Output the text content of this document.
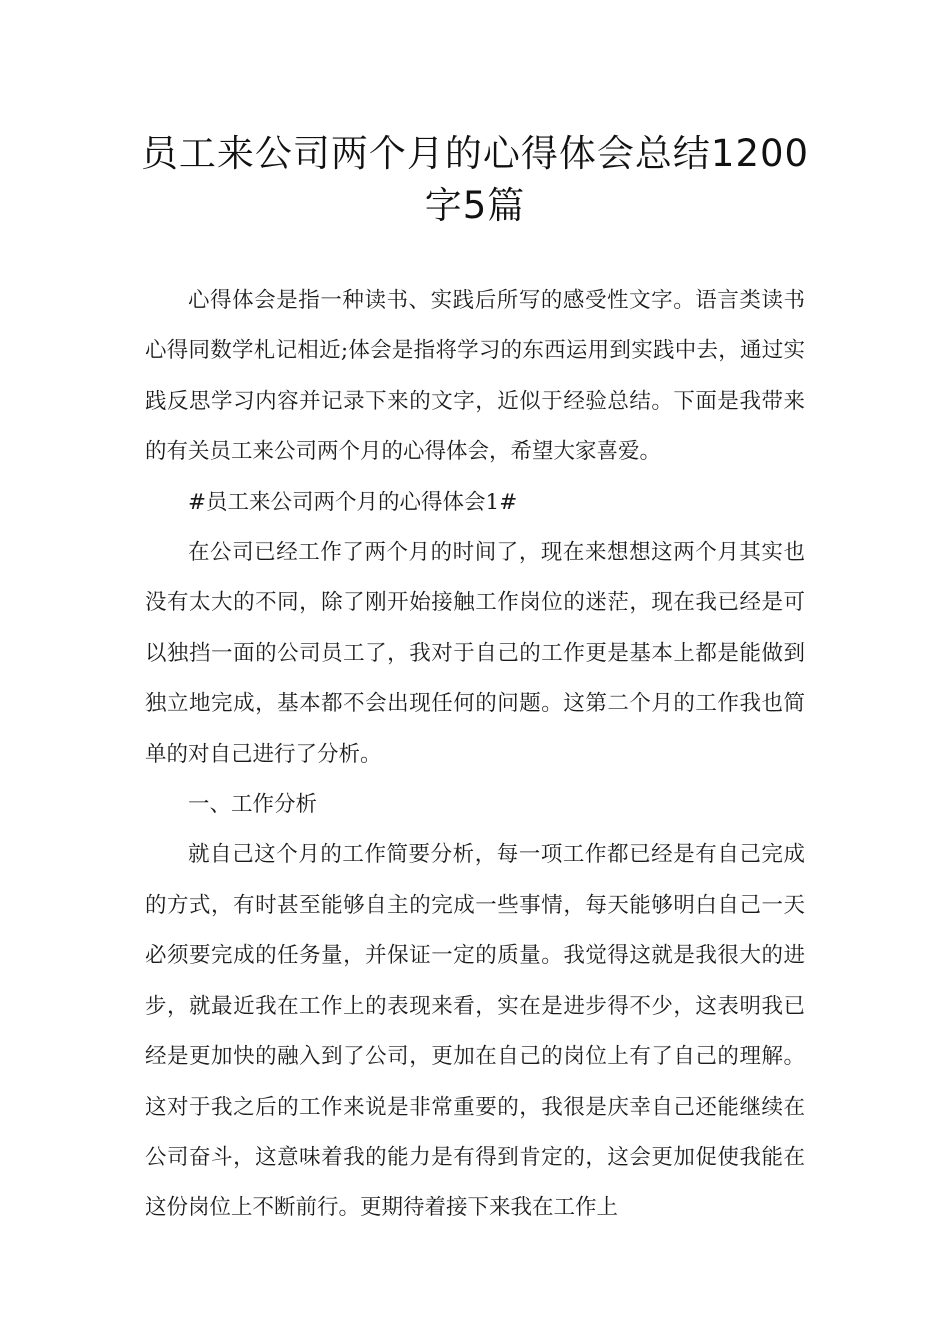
员工来公司两个月的心得体会总结1200
字5篇

心得体会是指一种读书、实践后所写的感受性文字。语言类读书心得同数学札记相近;体会是指将学习的东西运用到实践中去，通过实践反思学习内容并记录下来的文字，近似于经验总结。下面是我带来的有关员工来公司两个月的心得体会，希望大家喜爱。

#员工来公司两个月的心得体会1#

在公司已经工作了两个月的时间了，现在来想想这两个月其实也没有太大的不同，除了刚开始接触工作岗位的迷茫，现在我已经是可以独挡一面的公司员工了，我对于自己的工作更是基本上都是能做到独立地完成，基本都不会出现任何的问题。这第二个月的工作我也简单的对自己进行了分析。

一、工作分析

就自己这个月的工作简要分析，每一项工作都已经是有自己完成的方式，有时甚至能够自主的完成一些事情，每天能够明白自己一天必须要完成的任务量，并保证一定的质量。我觉得这就是我很大的进步，就最近我在工作上的表现来看，实在是进步得不少，这表明我已经是更加快的融入到了公司，更加在自己的岗位上有了自己的理解。这对于我之后的工作来说是非常重要的，我很是庆幸自己还能继续在公司奋斗，这意味着我的能力是有得到肯定的，这会更加促使我能在这份岗位上不断前行。更期待着接下来我在工作上
